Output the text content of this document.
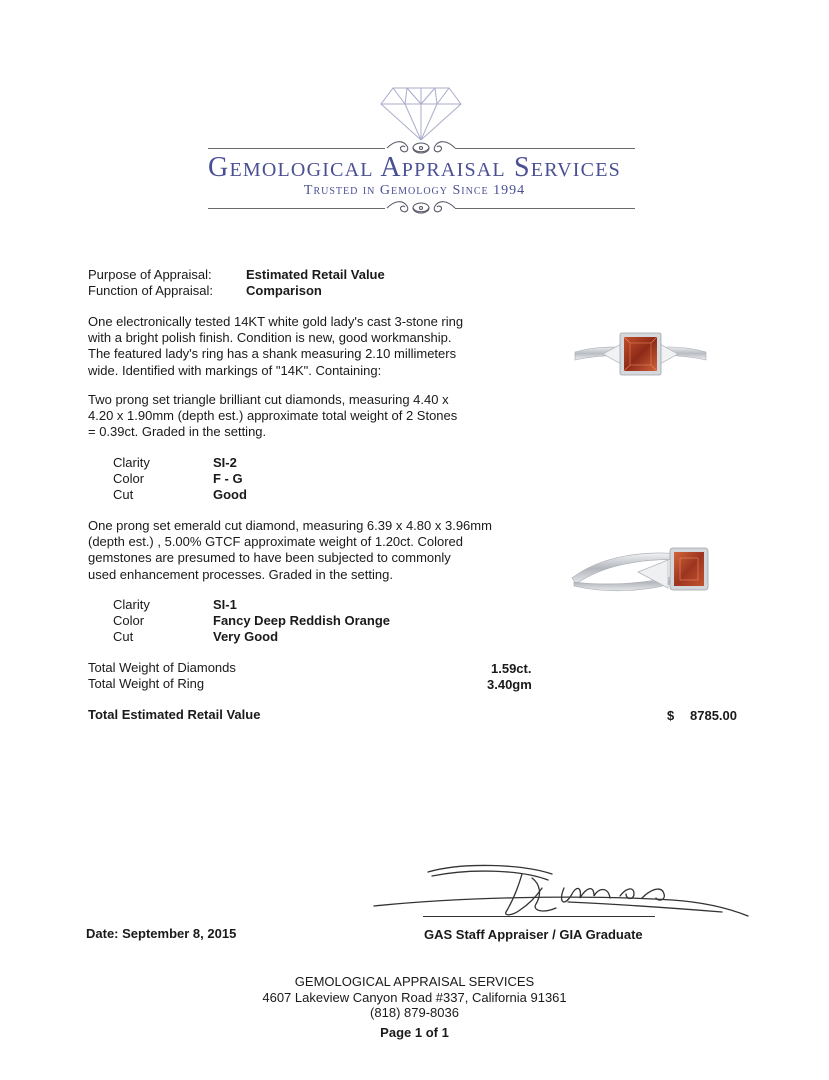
Gemological Appraisal Services
Trusted in Gemology Since 1994
Purpose of Appraisal:	Estimated Retail Value
Function of Appraisal:	Comparison
One electronically tested 14KT white gold lady's cast 3-stone ring
with a bright polish finish. Condition is new, good workmanship.
The featured lady's ring has a shank measuring 2.10 millimeters
wide. Identified with markings of "14K". Containing:
Two prong set triangle brilliant cut diamonds, measuring 4.40 x
4.20 x 1.90mm (depth est.) approximate total weight of 2 Stones
= 0.39ct. Graded in the setting.
Clarity	SI-2
Color	F - G
Cut	Good
One prong set emerald cut diamond, measuring 6.39 x 4.80 x 3.96mm
(depth est.) , 5.00% GTCF approximate weight of 1.20ct. Colored
gemstones are presumed to have been subjected to commonly
used enhancement processes. Graded in the setting.
Clarity	SI-1
Color	Fancy Deep Reddish Orange
Cut	Very Good
Total Weight of Diamonds	1.59ct.
Total Weight of Ring	3.40gm
Total Estimated Retail Value	$ 8785.00
Date: September 8, 2015	GAS Staff Appraiser / GIA Graduate
GEMOLOGICAL APPRAISAL SERVICES
4607 Lakeview Canyon Road #337, California 91361
(818) 879-8036
Page 1 of 1
